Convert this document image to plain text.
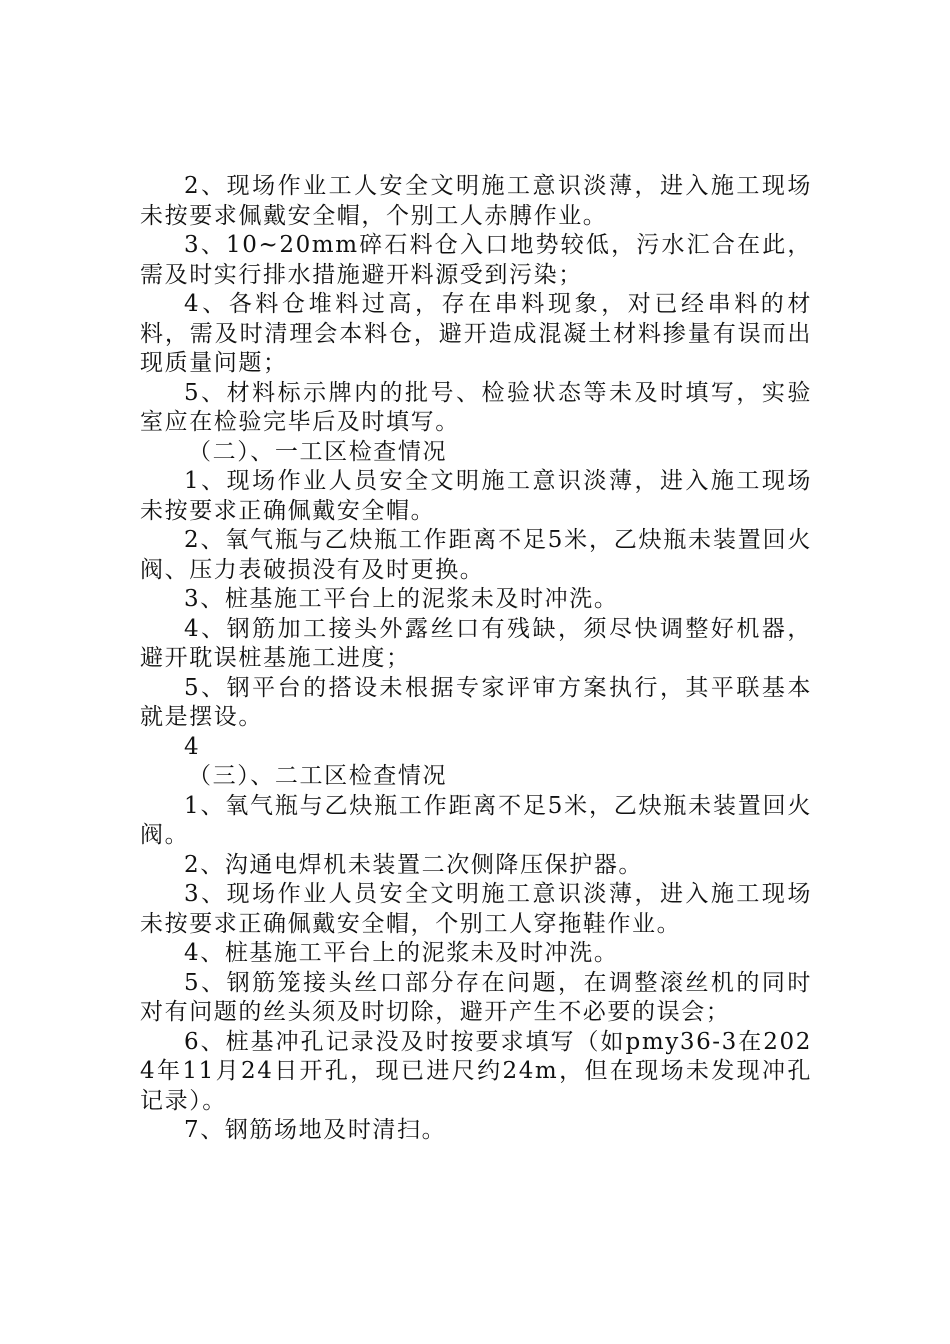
2、现场作业工人安全文明施工意识淡薄，进入施工现场未按要求佩戴安全帽，个别工人赤膊作业。

3、10~20mm碎石料仓入口地势较低，污水汇合在此，需及时实行排水措施避开料源受到污染；

4、各料仓堆料过高，存在串料现象，对已经串料的材料，需及时清理会本料仓，避开造成混凝土材料掺量有误而出现质量问题；

5、材料标示牌内的批号、检验状态等未及时填写，实验室应在检验完毕后及时填写。

（二）、一工区检查情况

1、现场作业人员安全文明施工意识淡薄，进入施工现场未按要求正确佩戴安全帽。

2、氧气瓶与乙炔瓶工作距离不足5米，乙炔瓶未装置回火阀、压力表破损没有及时更换。

3、桩基施工平台上的泥浆未及时冲洗。

4、钢筋加工接头外露丝口有残缺，须尽快调整好机器，避开耽误桩基施工进度；

5、钢平台的搭设未根据专家评审方案执行，其平联基本就是摆设。

4

（三）、二工区检查情况

1、氧气瓶与乙炔瓶工作距离不足5米，乙炔瓶未装置回火阀。

2、沟通电焊机未装置二次侧降压保护器。

3、现场作业人员安全文明施工意识淡薄，进入施工现场未按要求正确佩戴安全帽，个别工人穿拖鞋作业。

4、桩基施工平台上的泥浆未及时冲洗。

5、钢筋笼接头丝口部分存在问题，在调整滚丝机的同时对有问题的丝头须及时切除，避开产生不必要的误会；

6、桩基冲孔记录没及时按要求填写（如pmy36-3在2024年11月24日开孔，现已进尺约24m，但在现场未发现冲孔记录）。

7、钢筋场地及时清扫。
